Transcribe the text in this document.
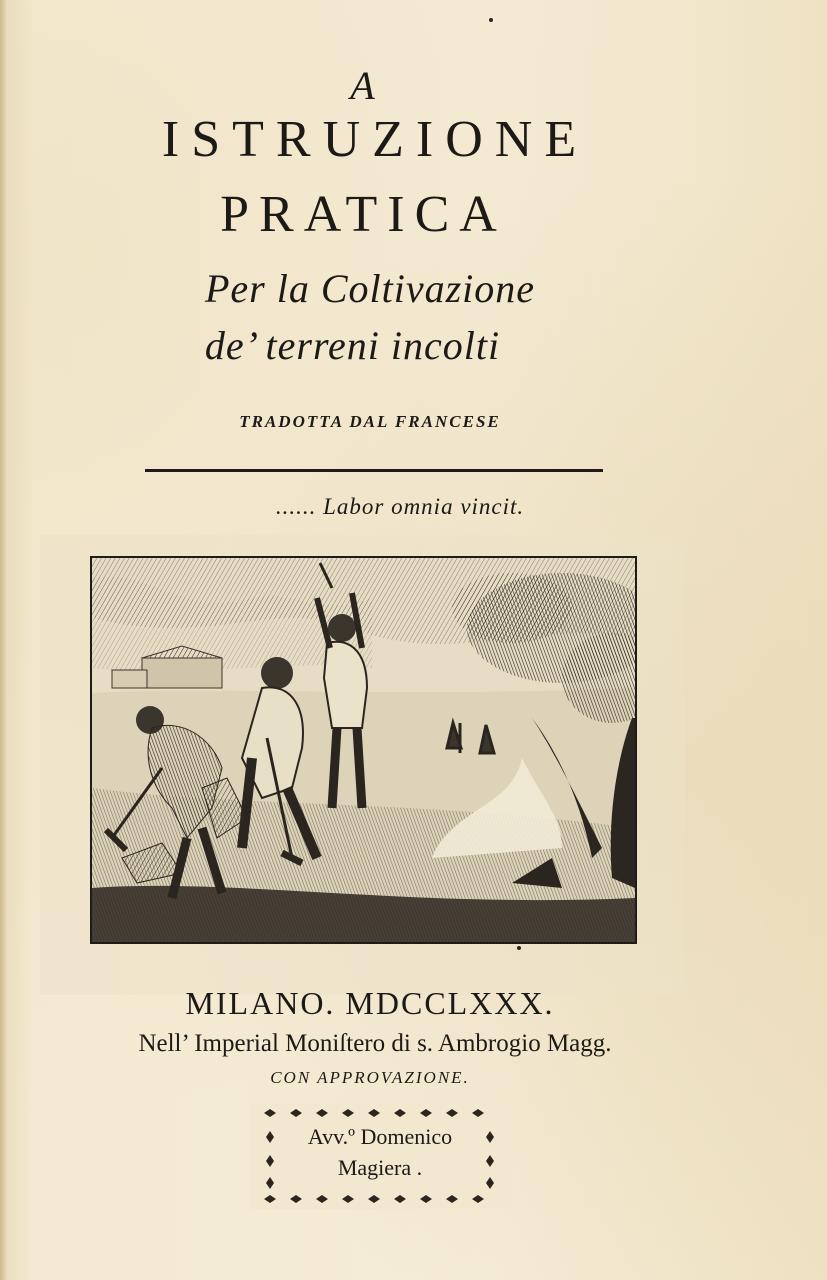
A
ISTRUZIONE
PRATICA
Per la Coltivazione
de’ terreni incolti
TRADOTTA DAL FRANCESE
...... Labor omnia vincit.
MILANO. MDCCLXXX.
Nell’ Imperial Moniſtero di s. Ambrogio Magg.
CON APPROVAZIONE.
Avv.º Domenico
Magiera .
